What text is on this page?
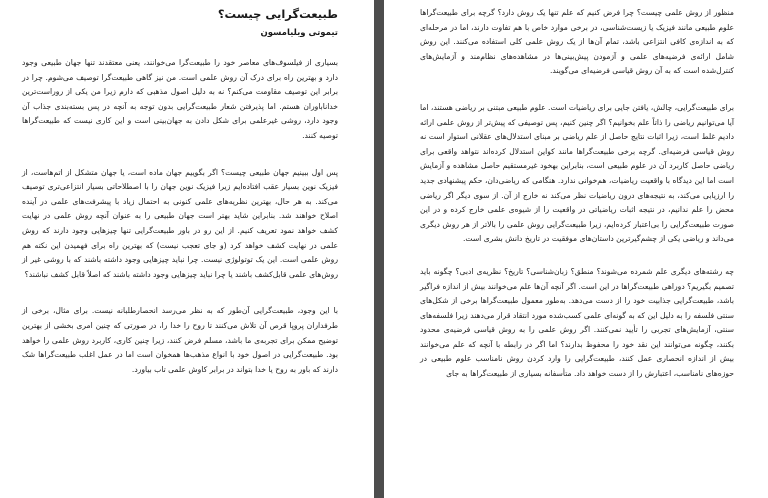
طبیعت‌گرایی چیست؟
تیموتی ویلیامسون

بسیاری از فیلسوف‌های معاصر خود را طبیعت‌گرا می‌خوانند، یعنی معتقدند تنها جهان طبیعی وجود دارد و بهترین راه برای درک آن روش علمی است. من نیز گاهی طبیعت‌گرا توصیف می‌شوم. چرا در برابر این توصیف مقاومت می‌کنم؟ نه به دلیل اصول مذهبی که دارم زیرا من یکی از روراست‌ترین خداناباوران هستم. اما پذیرفتن شعار طبیعت‌گرایی بدون توجه به آنچه در پس بسته‌بندی جذاب آن وجود دارد، روشی غیرعلمی برای شکل دادن به جهان‌بینی است و این کاری نیست که طبیعت‌گراها توصیه کنند.

پس اول ببینیم جهان طبیعی چیست؟ اگر بگوییم جهان ماده است، یا جهان متشکل از اتم‌هاست، از فیزیک نوین بسیار عقب افتاده‌ایم زیرا فیزیک نوین جهان را با اصطلاحاتی بسیار انتزاعی‌تری توصیف می‌کند. به هر حال، بهترین نظریه‌های علمی کنونی به احتمال زیاد با پیشرفت‌های علمی در آینده اصلاح خواهند شد. بنابراین شاید بهتر است جهان طبیعی را به عنوان آنچه روش علمی در نهایت کشف خواهد نمود تعریف کنیم. از این رو در باور طبیعت‌گرایی تنها چیزهایی وجود دارند که روش علمی در نهایت کشف خواهد کرد (و جای تعجب نیست) که بهترین راه برای فهمیدن این نکته هم روش علمی است. این یک توتولوژی نیست. چرا نباید چیزهایی وجود داشته باشند که با روشی غیر از روش‌های علمی قابل‌کشف باشند یا چرا نباید چیزهایی وجود داشته باشند که اصلاً قابل کشف نباشند؟

با این وجود، طبیعت‌گرایی آن‌طور که به نظر می‌رسد انحصارطلبانه نیست. برای مثال، برخی از طرفداران پروپا قرص آن تلاش می‌کنند تا روح را خدا را، در صورتی که چنین امری بخشی از بهترین توضیح ممکن برای تجربه‌ی ما باشد، مسلم فرض کنند، زیرا چنین کاری، کاربرد روش علمی را خواهد بود. طبیعت‌گرایی در اصول خود با انواع مذهب‌ها همخوان است اما در عمل اغلب طبیعت‌گراها شک دارند که باور به روح یا خدا بتواند در برابر کاوش علمی تاب بیاورد.

منظور از روش علمی چیست؟ چرا فرض کنیم که علم تنها یک روش دارد؟ گرچه برای طبیعت‌گراها علوم طبیعی مانند فیزیک یا زیست‌شناسی، در برخی موارد خاص با هم تفاوت دارند، اما در مرحله‌ای که به اندازه‌ی کافی انتزاعی باشد، تمام آن‌ها از یک روش علمی کلی استفاده می‌کنند. این روش شامل ارائه‌ی فرضیه‌های علمی و آزمودن پیش‌بینی‌ها در مشاهده‌های نظام‌مند و آزمایش‌های کنترل‌شده است که به آن روش قیاسی فرضیه‌ای می‌گویند.

برای طبیعت‌گرایی، چالش، یافتن جایی برای ریاضیات است. علوم طبیعی مبتنی بر ریاضی هستند، اما آیا می‌توانیم ریاضی را ذاتاً علم بخوانیم؟ اگر چنین کنیم، پس توصیفی که پیش‌تر از روش علمی ارائه دادیم غلط است، زیرا اثبات نتایج حاصل از علم ریاضی بر مبنای استدلال‌های عقلانی استوار است نه روش قیاسی فرضیه‌ای. گرچه برخی طبیعت‌گراها مانند کواین استدلال کرده‌اند نتواهد واقعی برای ریاضی حاصل کاربرد آن در علوم طبیعی است، بنابراین بهخود غیرمستقیم حاصل مشاهده و آزمایش است اما این دیدگاه با واقعیت ریاضیات، هم‌خوانی ندارد. هنگامی که ریاضی‌دان، حکم پیشنهادی جدید را ارزیابی می‌کند، به نتیجه‌های درون ریاضیات نظر می‌کند نه خارج از آن. از سوی دیگر اگر ریاضی محض را علم ندانیم، در نتیجه اثبات ریاضیاتی در واقعیت را از شیوه‌ی علمی خارج کرده و در این صورت طبیعت‌گرایی را بی‌اعتبار کرده‌ایم، زیرا طبیعت‌گرایی روش علمی را بالاتر از هر روش دیگری می‌داند و ریاضی یکی از چشم‌گیرترین داستان‌های موفقیت در تاریخ دانش بشری است.

چه رشته‌های دیگری علم شمرده می‌شوند؟ منطق؟ زبان‌شناسی؟ تاریخ؟ نظریه‌ی ادبی؟ چگونه باید تصمیم بگیریم؟ دوراهی طبیعت‌گراها در این است. اگر آنچه آن‌ها علم می‌خوانند بیش از اندازه فراگیر باشد، طبیعت‌گرایی جذابیت خود را از دست می‌دهد. به‌طور معمول طبیعت‌گراها برخی از شکل‌های سنتی فلسفه را به دلیل این که به گونه‌ای علمی کسب‌شده مورد انتقاد قرار می‌دهند زیرا فلسفه‌های سنتی، آزمایش‌های تجربی را تأیید نمی‌کنند. اگر روش علمی را به روش قیاسی فرضیه‌ی محدود بکنند، چگونه می‌توانند این نقد خود را محفوظ بدارند؟ اما اگر در رابطه با آنچه که علم می‌خوانند بیش از اندازه انحصاری عمل کنند، طبیعت‌گرایی را وارد کردن روش نامناسب علوم طبیعی در حوزه‌های نامناسب، اعتبارش را از دست خواهد داد. متأسفانه بسیاری از طبیعت‌گراها به جای
